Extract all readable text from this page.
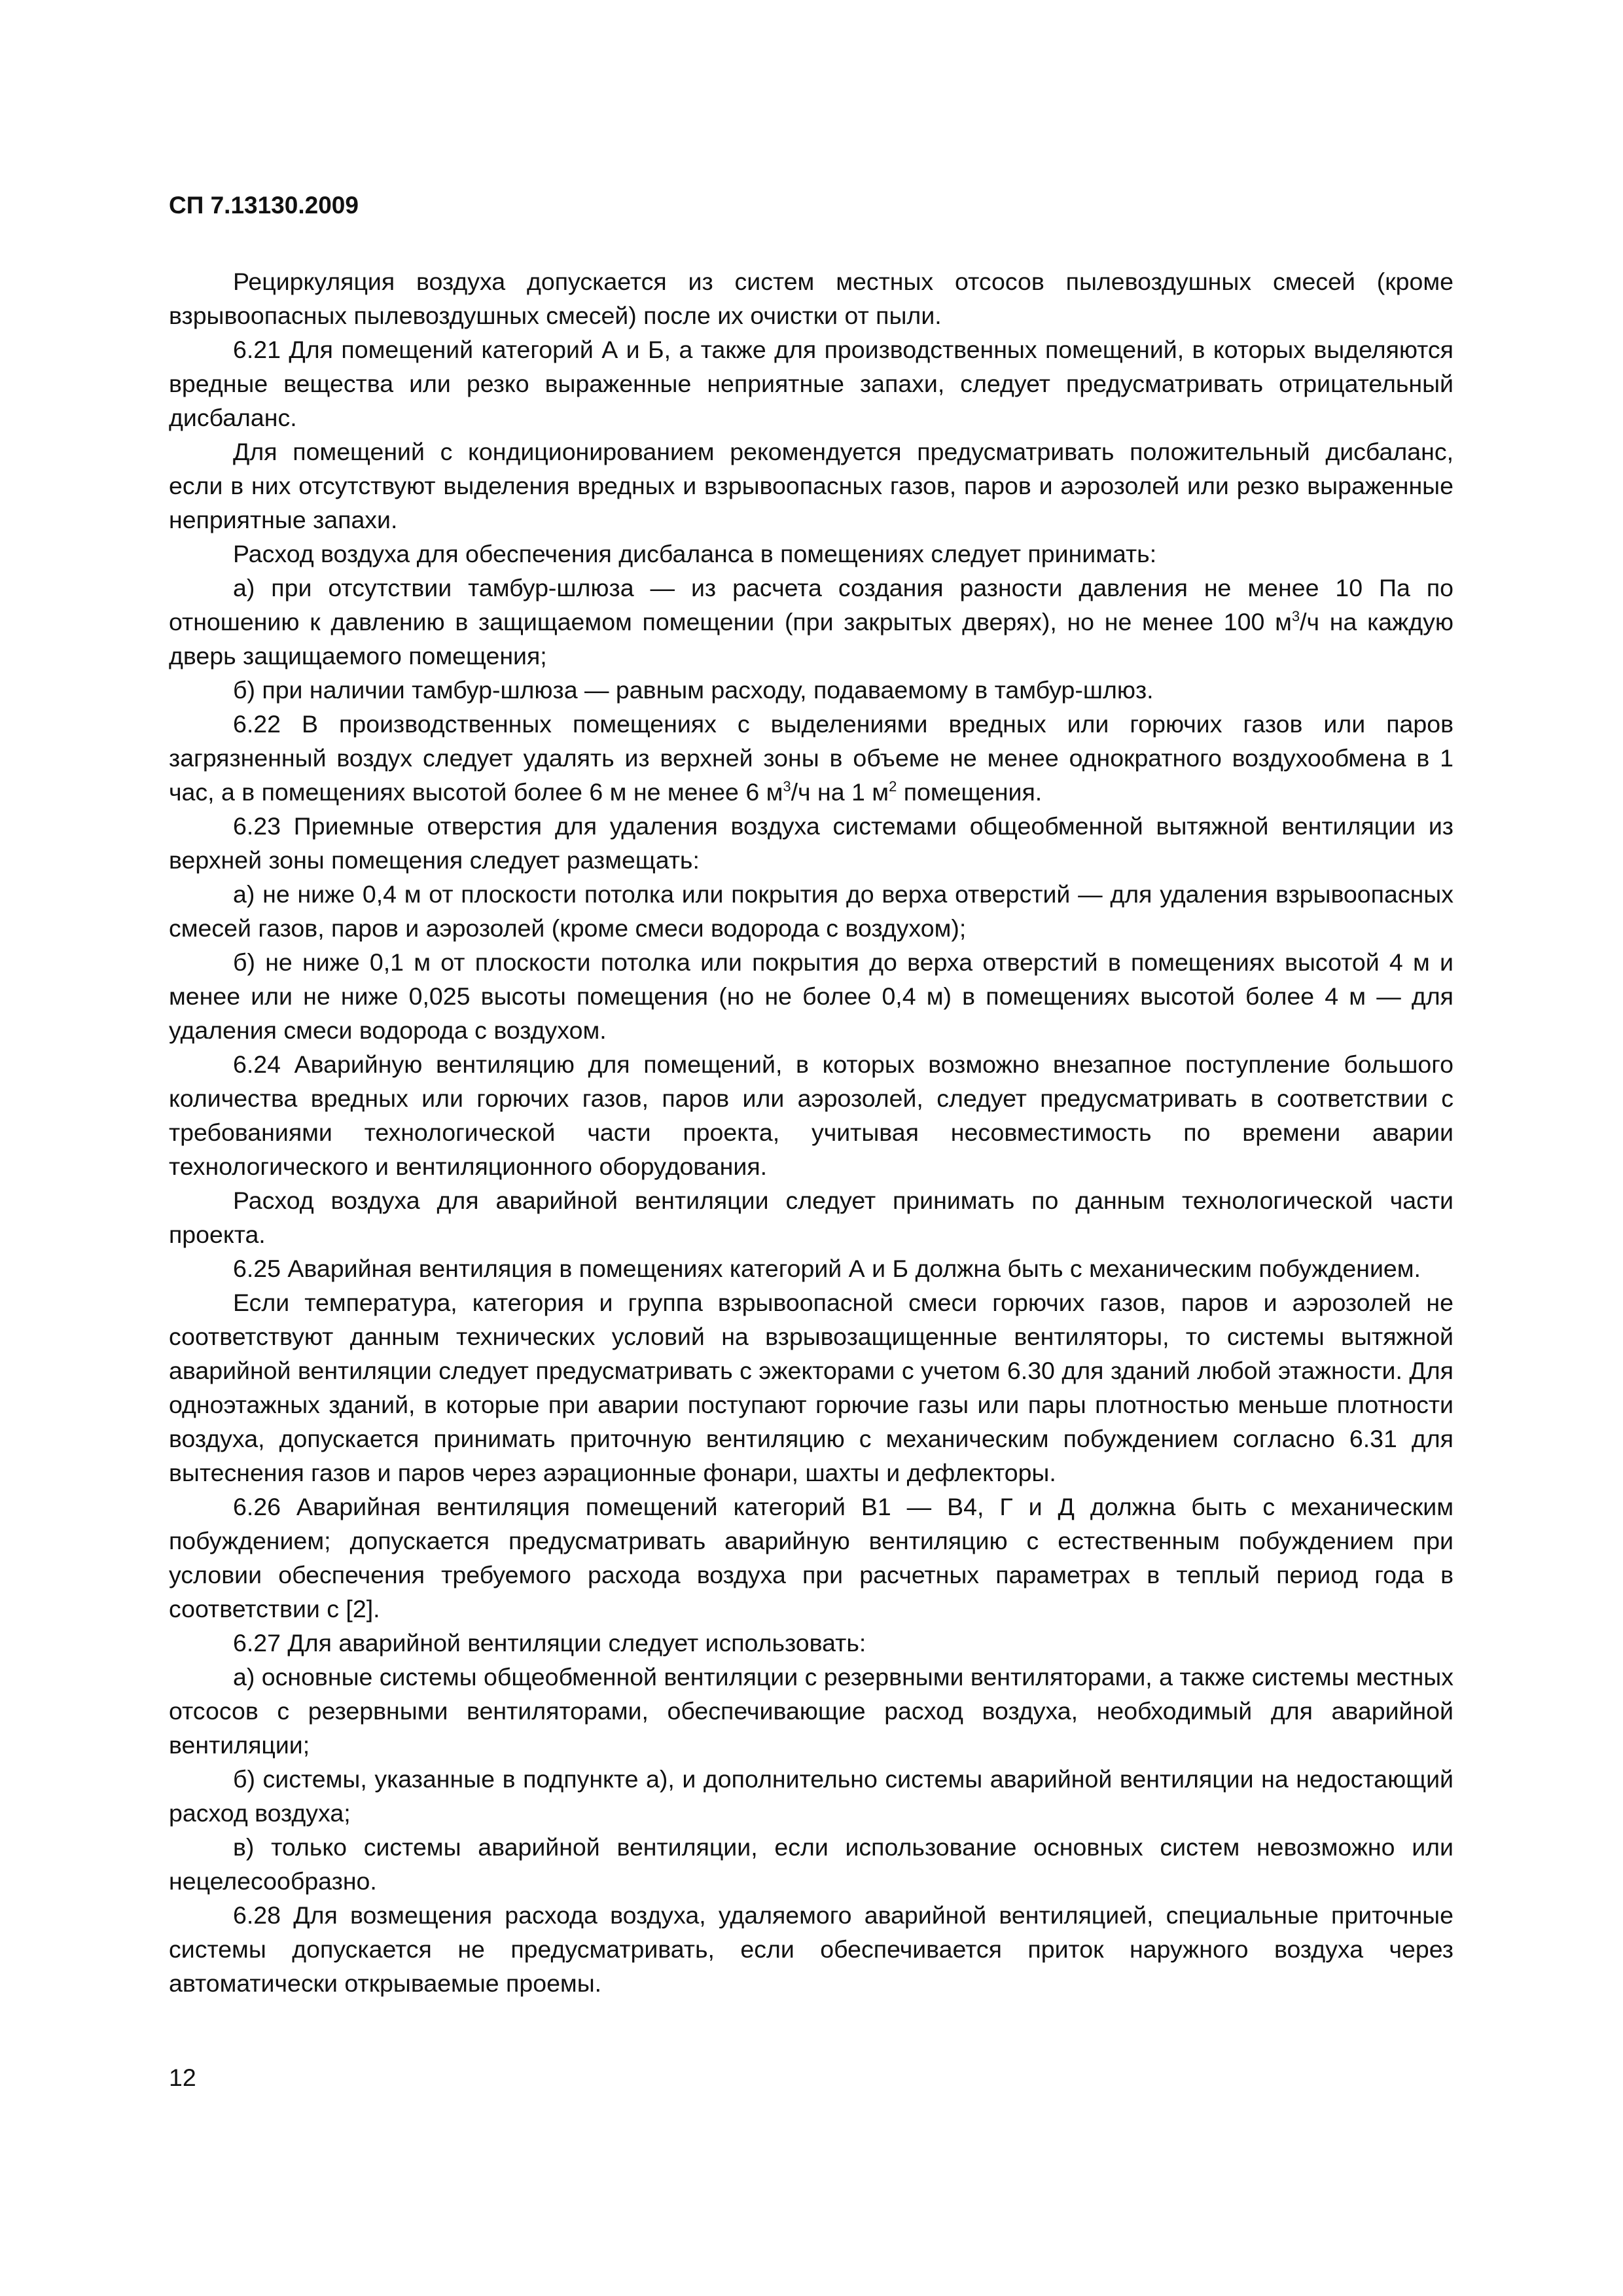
СП 7.13130.2009

Рециркуляция воздуха допускается из систем местных отсосов пылевоздушных смесей (кроме взрывоопасных пылевоздушных смесей) после их очистки от пыли.

6.21 Для помещений категорий А и Б, а также для производственных помещений, в которых выделяются вредные вещества или резко выраженные неприятные запахи, следует предусматривать отрицательный дисбаланс.

Для помещений с кондиционированием рекомендуется предусматривать положительный дисбаланс, если в них отсутствуют выделения вредных и взрывоопасных газов, паров и аэрозолей или резко выраженные неприятные запахи.

Расход воздуха для обеспечения дисбаланса в помещениях следует принимать:

а) при отсутствии тамбур-шлюза — из расчета создания разности давления не менее 10 Па по отношению к давлению в защищаемом помещении (при закрытых дверях), но не менее 100 $м^3/ч$ на каждую дверь защищаемого помещения;

б) при наличии тамбур-шлюза — равным расходу, подаваемому в тамбур-шлюз.

6.22 В производственных помещениях с выделениями вредных или горючих газов или паров загрязненный воздух следует удалять из верхней зоны в объеме не менее однократного воздухообмена в 1 час, а в помещениях высотой более 6 м не менее 6 $м^3/ч$ на 1 $м^2$ помещения.

6.23 Приемные отверстия для удаления воздуха системами общеобменной вытяжной вентиляции из верхней зоны помещения следует размещать:

а) не ниже 0,4 м от плоскости потолка или покрытия до верха отверстий — для удаления взрывоопасных смесей газов, паров и аэрозолей (кроме смеси водорода с воздухом);

б) не ниже 0,1 м от плоскости потолка или покрытия до верха отверстий в помещениях высотой 4 м и менее или не ниже 0,025 высоты помещения (но не более 0,4 м) в помещениях высотой более 4 м — для удаления смеси водорода с воздухом.

6.24 Аварийную вентиляцию для помещений, в которых возможно внезапное поступление большого количества вредных или горючих газов, паров или аэрозолей, следует предусматривать в соответствии с требованиями технологической части проекта, учитывая несовместимость по времени аварии технологического и вентиляционного оборудования.

Расход воздуха для аварийной вентиляции следует принимать по данным технологической части проекта.

6.25 Аварийная вентиляция в помещениях категорий А и Б должна быть с механическим побуждением.

Если температура, категория и группа взрывоопасной смеси горючих газов, паров и аэрозолей не соответствуют данным технических условий на взрывозащищенные вентиляторы, то системы вытяжной аварийной вентиляции следует предусматривать с эжекторами с учетом 6.30 для зданий любой этажности. Для одноэтажных зданий, в которые при аварии поступают горючие газы или пары плотностью меньше плотности воздуха, допускается принимать приточную вентиляцию с механическим побуждением согласно 6.31 для вытеснения газов и паров через аэрационные фонари, шахты и дефлекторы.

6.26 Аварийная вентиляция помещений категорий В1 — В4, Г и Д должна быть с механическим побуждением; допускается предусматривать аварийную вентиляцию с естественным побуждением при условии обеспечения требуемого расхода воздуха при расчетных параметрах в теплый период года в соответствии с [2].

6.27 Для аварийной вентиляции следует использовать:

а) основные системы общеобменной вентиляции с резервными вентиляторами, а также системы местных отсосов с резервными вентиляторами, обеспечивающие расход воздуха, необходимый для аварийной вентиляции;

б) системы, указанные в подпункте а), и дополнительно системы аварийной вентиляции на недостающий расход воздуха;

в) только системы аварийной вентиляции, если использование основных систем невозможно или нецелесообразно.

6.28 Для возмещения расхода воздуха, удаляемого аварийной вентиляцией, специальные приточные системы допускается не предусматривать, если обеспечивается приток наружного воздуха через автоматически открываемые проемы.

12
